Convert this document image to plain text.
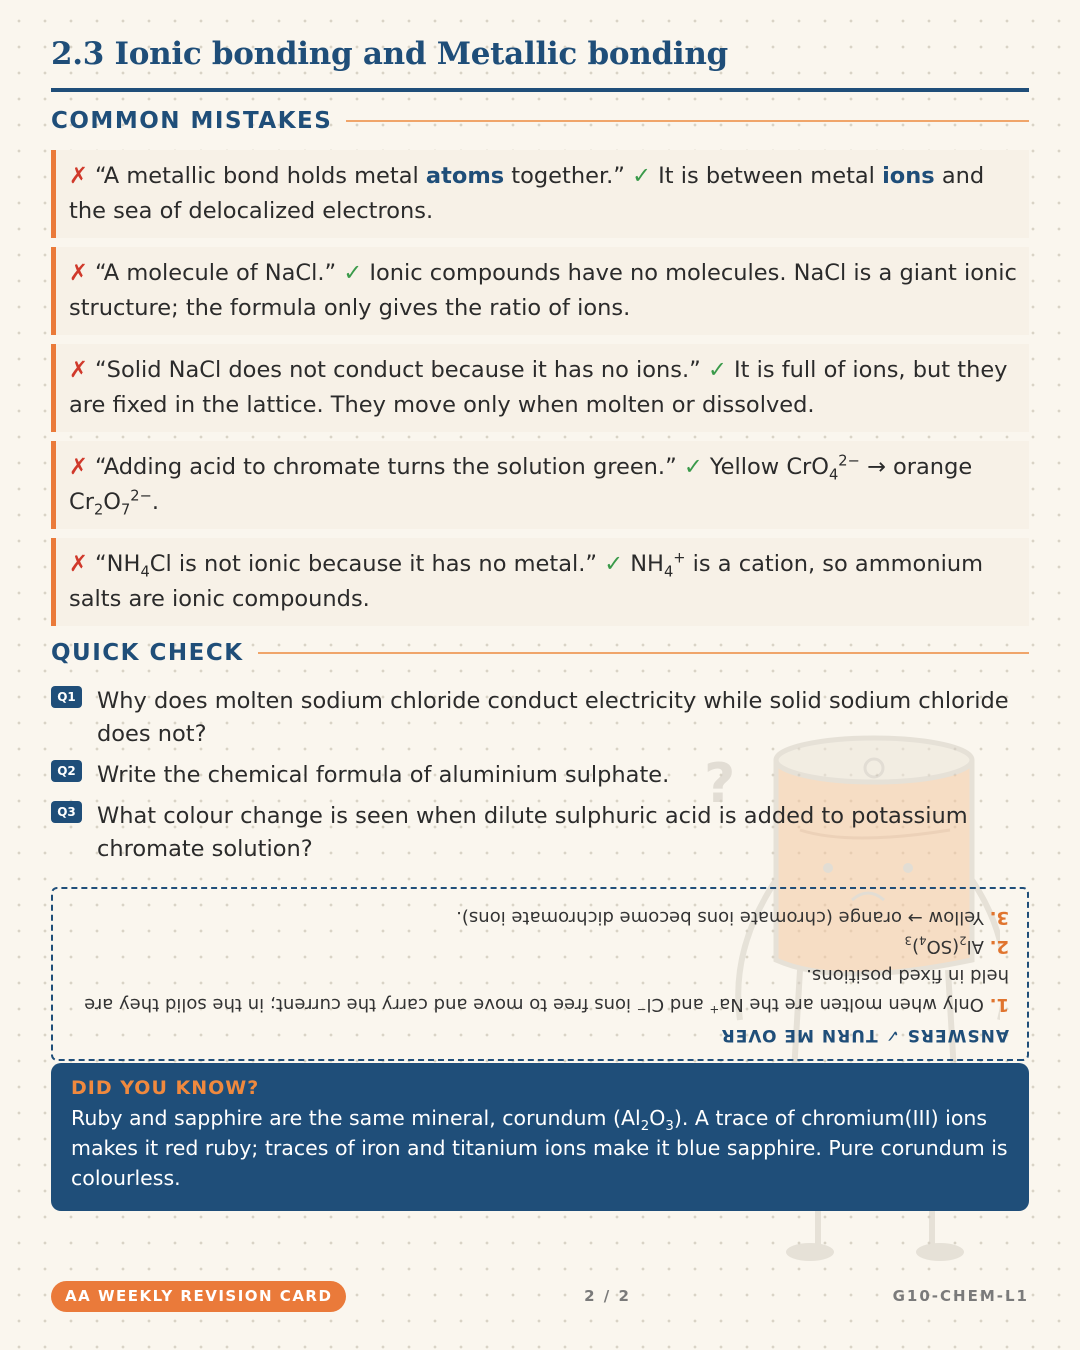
?
2.3 Ionic bonding and Metallic bonding
COMMON MISTAKES
✗ “A metallic bond holds metal atoms together.” ✓ It is between metal ions and the sea of delocalized electrons.
✗ “A molecule of NaCl.” ✓ Ionic compounds have no molecules. NaCl is a giant ionic structure; the formula only gives the ratio of ions.
✗ “Solid NaCl does not conduct because it has no ions.” ✓ It is full of ions, but they are fixed in the lattice. They move only when molten or dissolved.
✗ “Adding acid to chromate turns the solution green.” ✓ Yellow CrO$_4^{2-}$ → orange $Cr_2O_7^{2-}$.
✗ “$NH_4Cl$ is not ionic because it has no metal.” ✓ $NH_4^+$ is a cation, so ammonium salts are ionic compounds.
QUICK CHECK
Q1 Why does molten sodium chloride conduct electricity while solid sodium chloride does not?
Q2 Write the chemical formula of aluminium sulphate.
Q3 What colour change is seen when dilute sulphuric acid is added to potassium chromate solution?
ANSWERS ✓ TURN ME OVER
1. Only when molten are the Na+ and Cl− ions free to move and carry the current; in the solid they are held in fixed positions.
2. $Al_2(SO_4)_3$
3. Yellow → orange (chromate ions become dichromate ions).
DID YOU KNOW?
Ruby and sapphire are the same mineral, corundum $(Al_2O_3)$. A trace of chromium(III) ions makes it red ruby; traces of iron and titanium ions make it blue sapphire. Pure corundum is colourless.
AA WEEKLY REVISION CARD	2 / 2	G10-CHEM-L1
